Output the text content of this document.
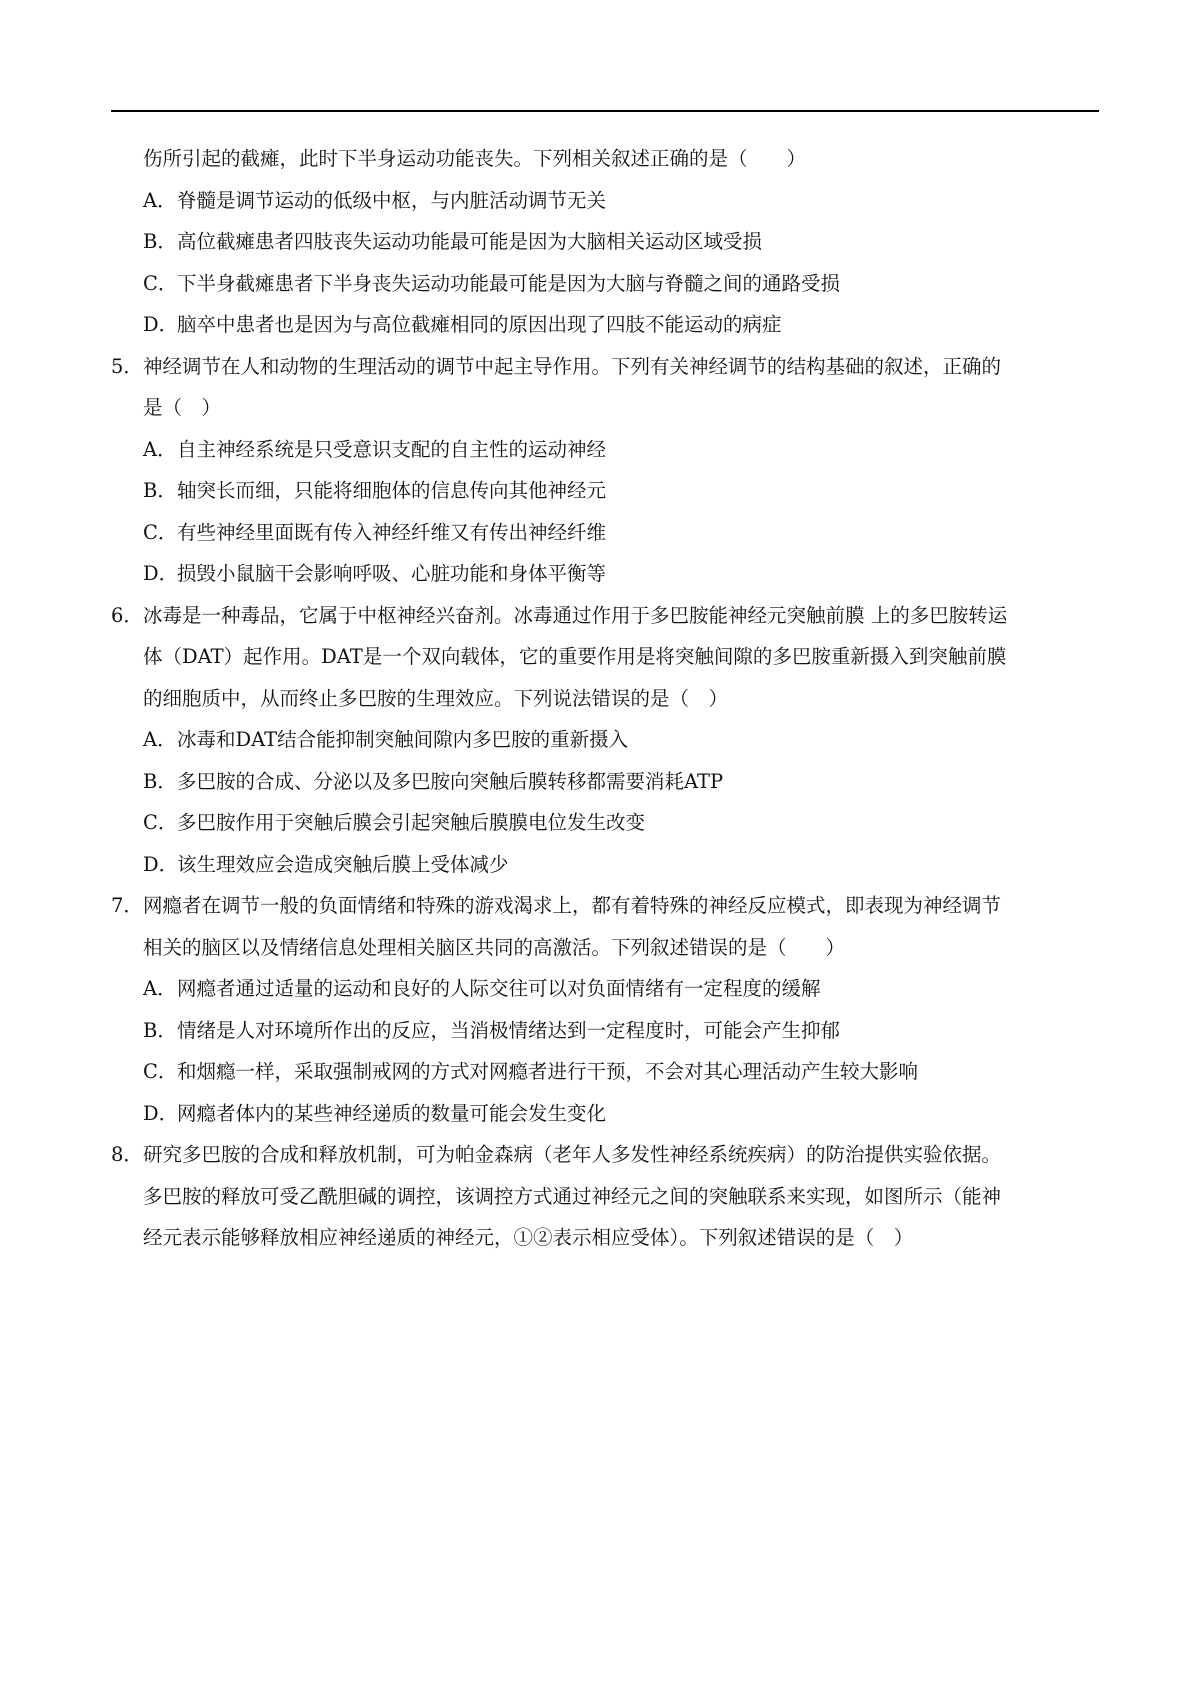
伤所引起的截瘫，此时下半身运动功能丧失。下列相关叙述正确的是（　　）
A．脊髓是调节运动的低级中枢，与内脏活动调节无关
B．高位截瘫患者四肢丧失运动功能最可能是因为大脑相关运动区域受损
C．下半身截瘫患者下半身丧失运动功能最可能是因为大脑与脊髓之间的通路受损
D．脑卒中患者也是因为与高位截瘫相同的原因出现了四肢不能运动的病症
5．神经调节在人和动物的生理活动的调节中起主导作用。下列有关神经调节的结构基础的叙述，正确的
是（　）
A．自主神经系统是只受意识支配的自主性的运动神经
B．轴突长而细，只能将细胞体的信息传向其他神经元
C．有些神经里面既有传入神经纤维又有传出神经纤维
D．损毁小鼠脑干会影响呼吸、心脏功能和身体平衡等
6．冰毒是一种毒品，它属于中枢神经兴奋剂。冰毒通过作用于多巴胺能神经元突触前膜 上的多巴胺转运
体（DAT）起作用。DAT是一个双向载体，它的重要作用是将突触间隙的多巴胺重新摄入到突触前膜
的细胞质中，从而终止多巴胺的生理效应。下列说法错误的是（　）
A．冰毒和DAT结合能抑制突触间隙内多巴胺的重新摄入
B．多巴胺的合成、分泌以及多巴胺向突触后膜转移都需要消耗ATP
C．多巴胺作用于突触后膜会引起突触后膜膜电位发生改变
D．该生理效应会造成突触后膜上受体减少
7．网瘾者在调节一般的负面情绪和特殊的游戏渴求上，都有着特殊的神经反应模式，即表现为神经调节
相关的脑区以及情绪信息处理相关脑区共同的高激活。下列叙述错误的是（　　）
A．网瘾者通过适量的运动和良好的人际交往可以对负面情绪有一定程度的缓解
B．情绪是人对环境所作出的反应，当消极情绪达到一定程度时，可能会产生抑郁
C．和烟瘾一样，采取强制戒网的方式对网瘾者进行干预，不会对其心理活动产生较大影响
D．网瘾者体内的某些神经递质的数量可能会发生变化
8．研究多巴胺的合成和释放机制，可为帕金森病（老年人多发性神经系统疾病）的防治提供实验依据。
多巴胺的释放可受乙酰胆碱的调控，该调控方式通过神经元之间的突触联系来实现，如图所示（能神
经元表示能够释放相应神经递质的神经元，①②表示相应受体）。下列叙述错误的是（　）
